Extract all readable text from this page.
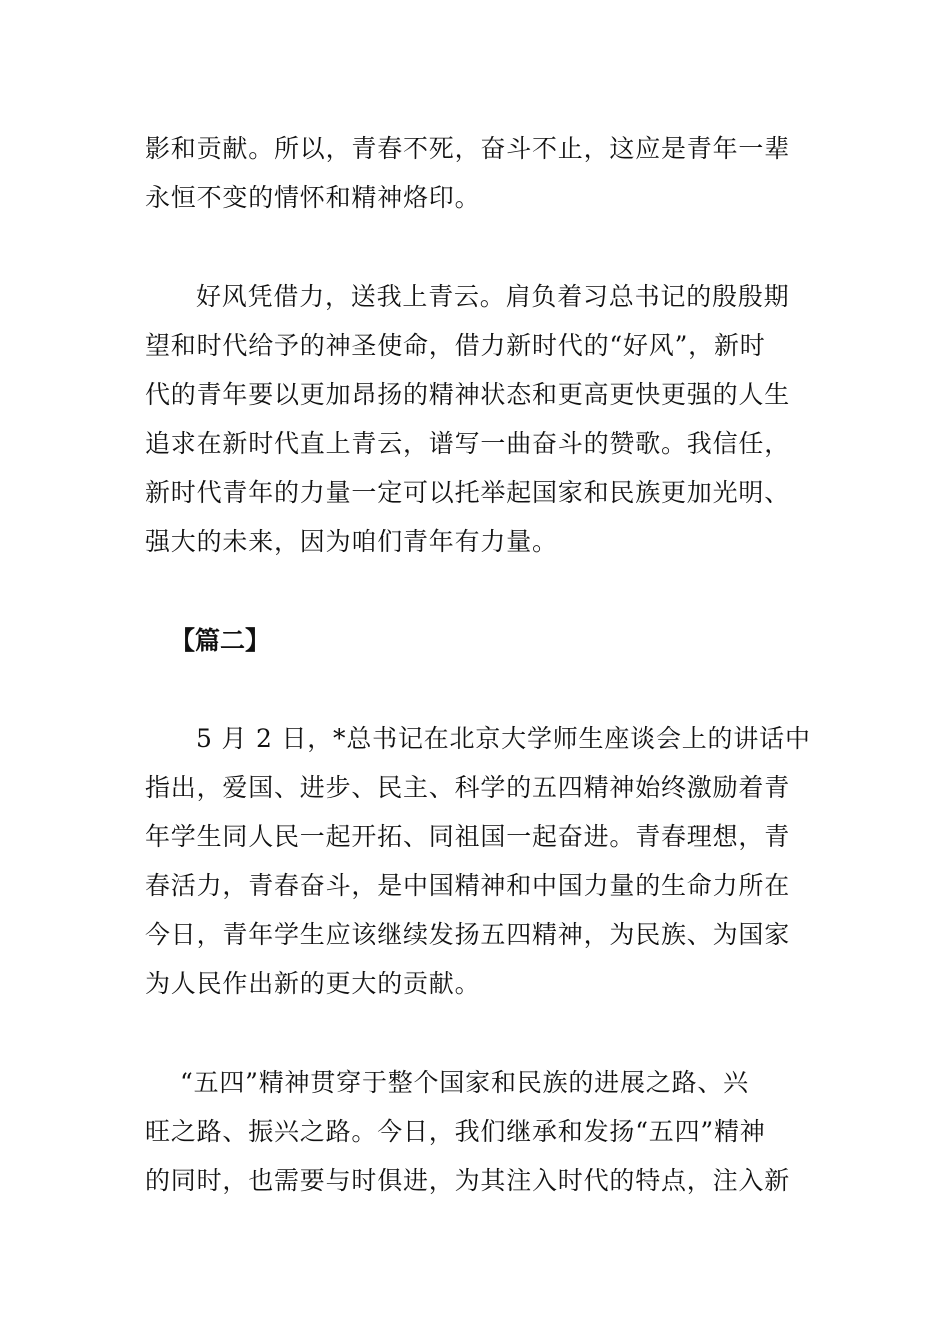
影和贡献。所以，青春不死，奋斗不止，这应是青年一辈
永恒不变的情怀和精神烙印。
好风凭借力，送我上青云。肩负着习总书记的殷殷期
望和时代给予的神圣使命，借力新时代的“好风”，新时
代的青年要以更加昂扬的精神状态和更高更快更强的人生
追求在新时代直上青云，谱写一曲奋斗的赞歌。我信任，
新时代青年的力量一定可以托举起国家和民族更加光明、
强大的未来，因为咱们青年有力量。
【篇二】
5 月 2 日，*总书记在北京大学师生座谈会上的讲话中
指出，爱国、进步、民主、科学的五四精神始终激励着青
年学生同人民一起开拓、同祖国一起奋进。青春理想，青
春活力，青春奋斗，是中国精神和中国力量的生命力所在
今日，青年学生应该继续发扬五四精神，为民族、为国家
为人民作出新的更大的贡献。
“五四”精神贯穿于整个国家和民族的进展之路、兴
旺之路、振兴之路。今日，我们继承和发扬“五四”精神
的同时，也需要与时俱进，为其注入时代的特点，注入新
